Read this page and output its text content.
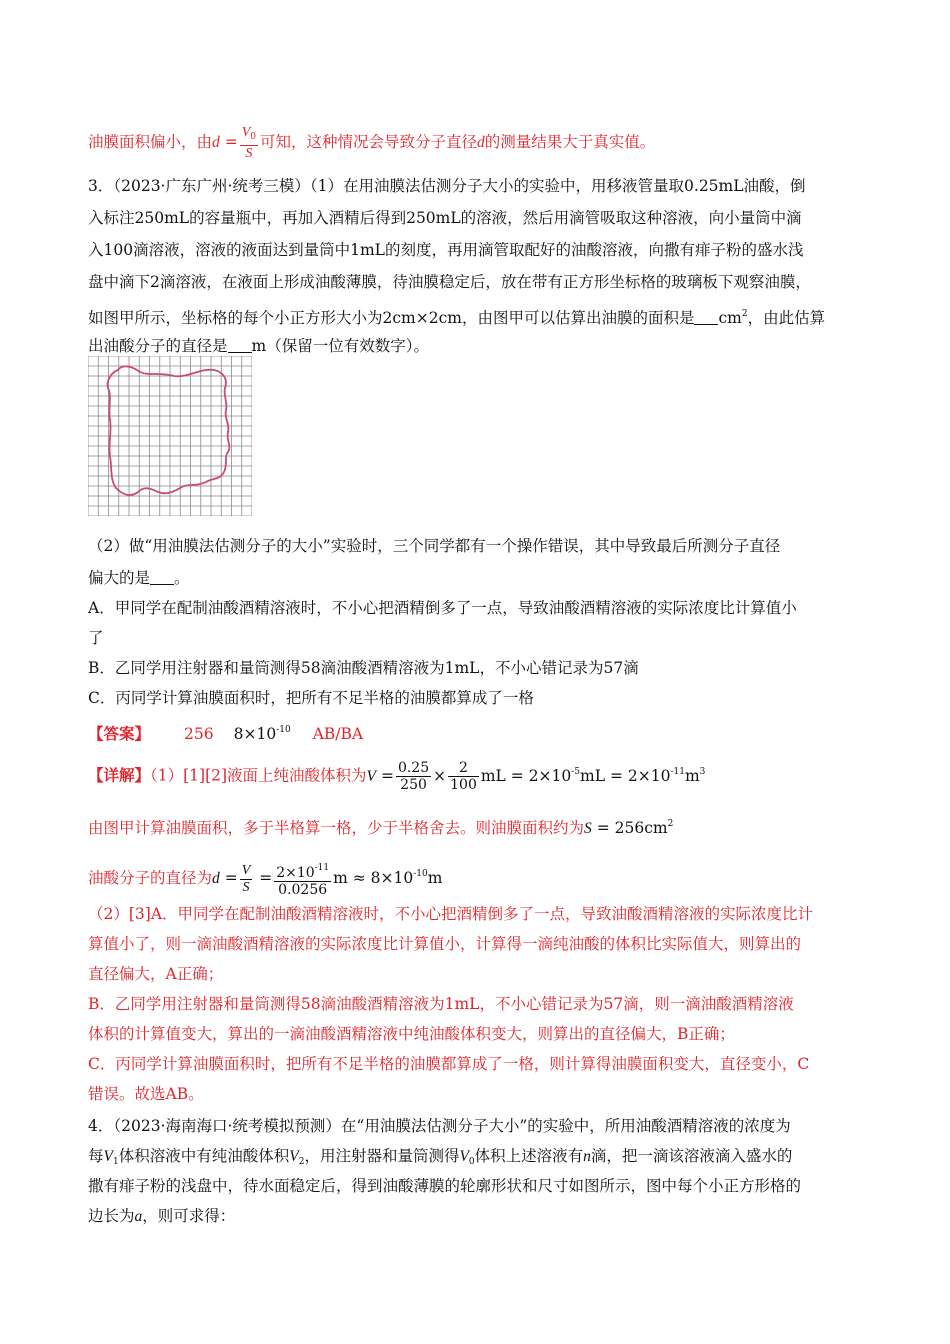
油膜面积偏小，由$d = \frac{V_0}{S}$ 可知，这种情况会导致分子直径d的测量结果大于真实值。
3．（2023·广东广州·统考三模）（1）在用油膜法估测分子大小的实验中，用移液管量取0.25mL油酸，倒
入标注250mL的容量瓶中，再加入酒精后得到250mL的溶液，然后用滴管吸取这种溶液，向小量筒中滴
入100滴溶液，溶液的液面达到量筒中1mL的刻度，再用滴管取配好的油酸溶液，向撒有痱子粉的盛水浅
盘中滴下2滴溶液，在液面上形成油酸薄膜，待油膜稳定后，放在带有正方形坐标格的玻璃板下观察油膜，
如图甲所示，坐标格的每个小正方形大小为2cm×2cm，由图甲可以估算出油膜的面积是 $cm^2$，由此估算
出油酸分子的直径是 m（保留一位有效数字）。
（2）做“用油膜法估测分子的大小”实验时，三个同学都有一个操作错误，其中导致最后所测分子直径
偏大的是 。
A．甲同学在配制油酸酒精溶液时，不小心把酒精倒多了一点，导致油酸酒精溶液的实际浓度比计算值小
了
B．乙同学用注射器和量筒测得58滴油酸酒精溶液为1mL，不小心错记录为57滴
C．丙同学计算油膜面积时，把所有不足半格的油膜都算成了一格
【答案】 256 $8\times 10^{-10}$ AB/BA
【详解】（1）[1][2]液面上纯油酸体积为$V = \frac{0.25}{250} \times \frac{2}{100}$ mL = $2\times 10^{-5}mL = 2\times 10^{-11}m^3$
由图甲计算油膜面积，多于半格算一格，少于半格舍去。则油膜面积约为$S = 256cm^2$
油酸分子的直径为$d = \frac{V}{S} = \frac{2\times 10^{-11}}{0.0256}$ $m \approx 8\times 10^{-10}m$
（2）[3]A．甲同学在配制油酸酒精溶液时，不小心把酒精倒多了一点，导致油酸酒精溶液的实际浓度比计
算值小了，则一滴油酸酒精溶液的实际浓度比计算值小，计算得一滴纯油酸的体积比实际值大，则算出的
直径偏大，A正确；
B．乙同学用注射器和量筒测得58滴油酸酒精溶液为1mL，不小心错记录为57滴，则一滴油酸酒精溶液
体积的计算值变大，算出的一滴油酸酒精溶液中纯油酸体积变大，则算出的直径偏大，B正确；
C．丙同学计算油膜面积时，把所有不足半格的油膜都算成了一格，则计算得油膜面积变大，直径变小，C
错误。故选AB。
4．（2023·海南海口·统考模拟预测）在“用油膜法估测分子大小”的实验中，所用油酸酒精溶液的浓度为
每$V_1$体积溶液中有纯油酸体积$V_2$，用注射器和量筒测得$V_0$体积上述溶液有n滴，把一滴该溶液滴入盛水的
撒有痱子粉的浅盘中，待水面稳定后，得到油酸薄膜的轮廓形状和尺寸如图所示，图中每个小正方形格的
边长为a，则可求得：
